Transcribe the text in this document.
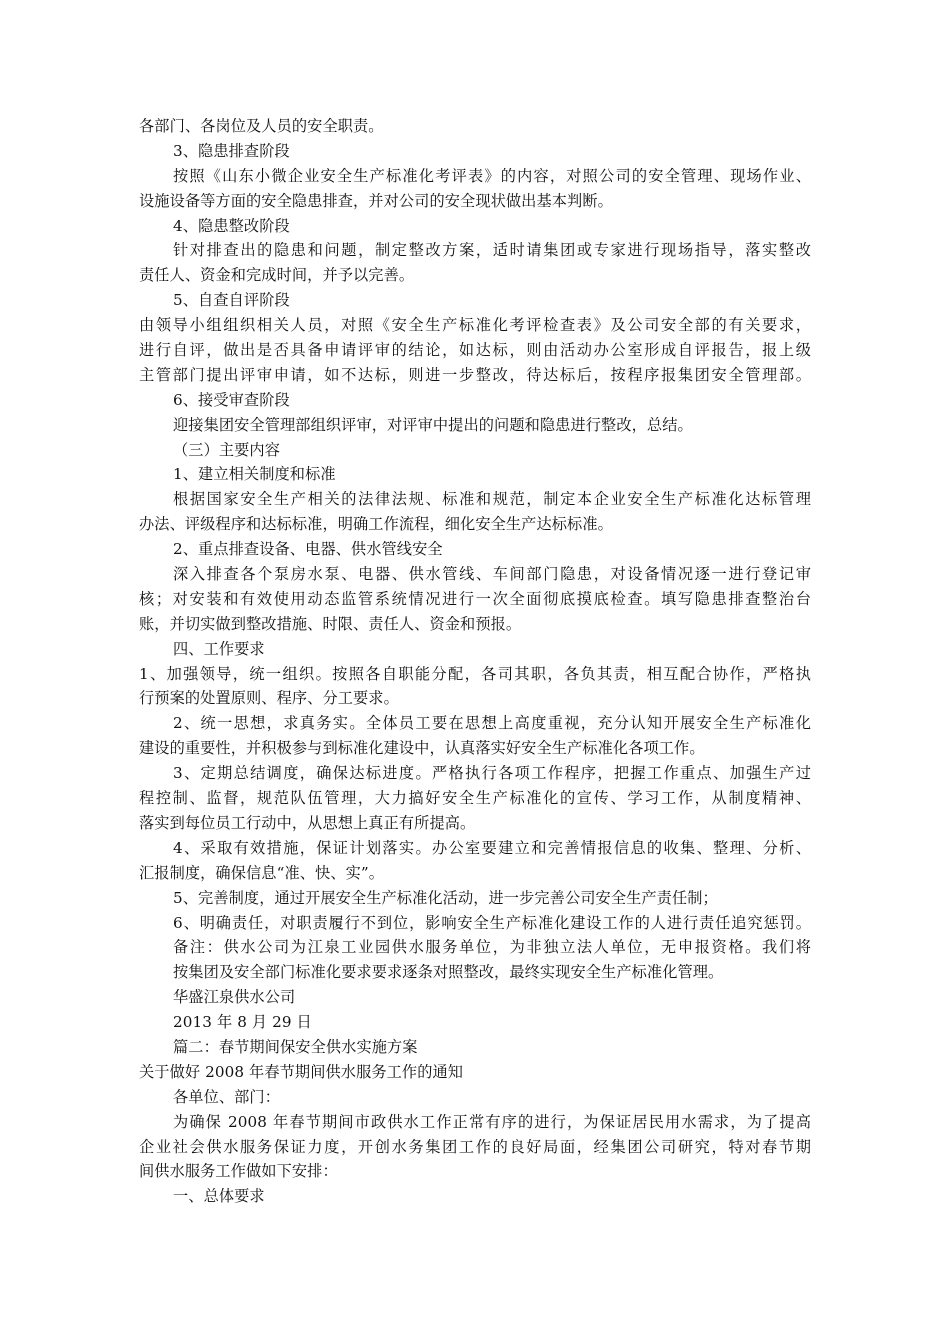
各部门、各岗位及人员的安全职责。
3、隐患排查阶段
按照《山东小微企业安全生产标准化考评表》的内容，对照公司的安全管理、现场作业、
设施设备等方面的安全隐患排查，并对公司的安全现状做出基本判断。
4、隐患整改阶段
针对排查出的隐患和问题，制定整改方案，适时请集团或专家进行现场指导，落实整改
责任人、资金和完成时间，并予以完善。
5、自查自评阶段
由领导小组组织相关人员，对照《安全生产标准化考评检查表》及公司安全部的有关要求，
进行自评，做出是否具备申请评审的结论，如达标，则由活动办公室形成自评报告，报上级
主管部门提出评审申请，如不达标，则进一步整改，待达标后，按程序报集团安全管理部。
6、接受审查阶段
迎接集团安全管理部组织评审，对评审中提出的问题和隐患进行整改，总结。
（三）主要内容
1、建立相关制度和标准
根据国家安全生产相关的法律法规、标准和规范，制定本企业安全生产标准化达标管理
办法、评级程序和达标标准，明确工作流程，细化安全生产达标标准。
2、重点排查设备、电器、供水管线安全
深入排查各个泵房水泵、电器、供水管线、车间部门隐患，对设备情况逐一进行登记审
核；对安装和有效使用动态监管系统情况进行一次全面彻底摸底检查。填写隐患排查整治台
账，并切实做到整改措施、时限、责任人、资金和预报。
四、工作要求
1、加强领导，统一组织。按照各自职能分配，各司其职，各负其责，相互配合协作，严格执
行预案的处置原则、程序、分工要求。
2、统一思想，求真务实。全体员工要在思想上高度重视，充分认知开展安全生产标准化
建设的重要性，并积极参与到标准化建设中，认真落实好安全生产标准化各项工作。
3、定期总结调度，确保达标进度。严格执行各项工作程序，把握工作重点、加强生产过
程控制、监督，规范队伍管理，大力搞好安全生产标准化的宣传、学习工作，从制度精神、
落实到每位员工行动中，从思想上真正有所提高。
4、采取有效措施，保证计划落实。办公室要建立和完善情报信息的收集、整理、分析、
汇报制度，确保信息“准、快、实”。
5、完善制度，通过开展安全生产标准化活动，进一步完善公司安全生产责任制；
6、明确责任，对职责履行不到位，影响安全生产标准化建设工作的人进行责任追究惩罚。
备注：供水公司为江泉工业园供水服务单位，为非独立法人单位，无申报资格。我们将
按集团及安全部门标准化要求要求逐条对照整改，最终实现安全生产标准化管理。
华盛江泉供水公司
2013 年 8 月 29 日
篇二：春节期间保安全供水实施方案
关于做好 2008 年春节期间供水服务工作的通知
各单位、部门：
为确保 2008 年春节期间市政供水工作正常有序的进行，为保证居民用水需求，为了提高
企业社会供水服务保证力度，开创水务集团工作的良好局面，经集团公司研究，特对春节期
间供水服务工作做如下安排：
一、总体要求
